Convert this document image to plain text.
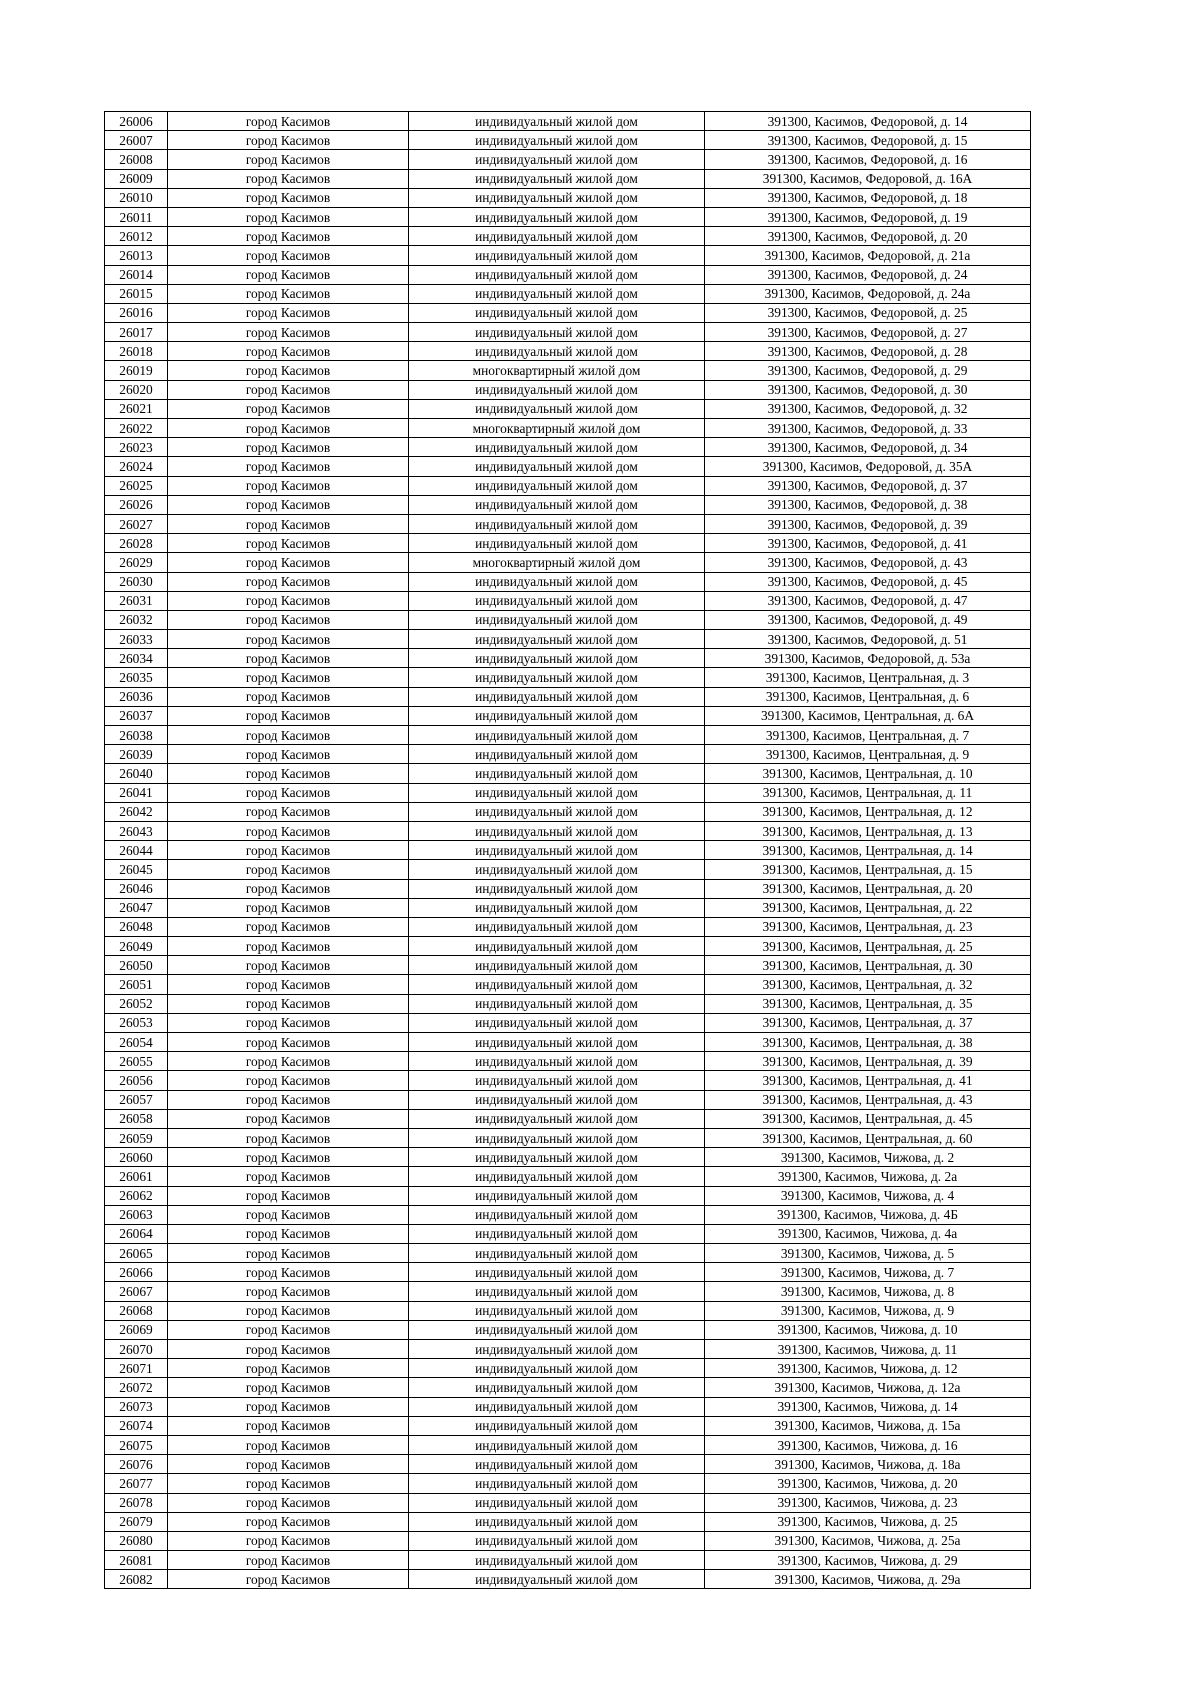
26006	город Касимов	индивидуальный жилой дом	391300, Касимов, Федоровой, д. 14
26007	город Касимов	индивидуальный жилой дом	391300, Касимов, Федоровой, д. 15
26008	город Касимов	индивидуальный жилой дом	391300, Касимов, Федоровой, д. 16
26009	город Касимов	индивидуальный жилой дом	391300, Касимов, Федоровой, д. 16А
26010	город Касимов	индивидуальный жилой дом	391300, Касимов, Федоровой, д. 18
26011	город Касимов	индивидуальный жилой дом	391300, Касимов, Федоровой, д. 19
26012	город Касимов	индивидуальный жилой дом	391300, Касимов, Федоровой, д. 20
26013	город Касимов	индивидуальный жилой дом	391300, Касимов, Федоровой, д. 21а
26014	город Касимов	индивидуальный жилой дом	391300, Касимов, Федоровой, д. 24
26015	город Касимов	индивидуальный жилой дом	391300, Касимов, Федоровой, д. 24а
26016	город Касимов	индивидуальный жилой дом	391300, Касимов, Федоровой, д. 25
26017	город Касимов	индивидуальный жилой дом	391300, Касимов, Федоровой, д. 27
26018	город Касимов	индивидуальный жилой дом	391300, Касимов, Федоровой, д. 28
26019	город Касимов	многоквартирный жилой дом	391300, Касимов, Федоровой, д. 29
26020	город Касимов	индивидуальный жилой дом	391300, Касимов, Федоровой, д. 30
26021	город Касимов	индивидуальный жилой дом	391300, Касимов, Федоровой, д. 32
26022	город Касимов	многоквартирный жилой дом	391300, Касимов, Федоровой, д. 33
26023	город Касимов	индивидуальный жилой дом	391300, Касимов, Федоровой, д. 34
26024	город Касимов	индивидуальный жилой дом	391300, Касимов, Федоровой, д. 35А
26025	город Касимов	индивидуальный жилой дом	391300, Касимов, Федоровой, д. 37
26026	город Касимов	индивидуальный жилой дом	391300, Касимов, Федоровой, д. 38
26027	город Касимов	индивидуальный жилой дом	391300, Касимов, Федоровой, д. 39
26028	город Касимов	индивидуальный жилой дом	391300, Касимов, Федоровой, д. 41
26029	город Касимов	многоквартирный жилой дом	391300, Касимов, Федоровой, д. 43
26030	город Касимов	индивидуальный жилой дом	391300, Касимов, Федоровой, д. 45
26031	город Касимов	индивидуальный жилой дом	391300, Касимов, Федоровой, д. 47
26032	город Касимов	индивидуальный жилой дом	391300, Касимов, Федоровой, д. 49
26033	город Касимов	индивидуальный жилой дом	391300, Касимов, Федоровой, д. 51
26034	город Касимов	индивидуальный жилой дом	391300, Касимов, Федоровой, д. 53а
26035	город Касимов	индивидуальный жилой дом	391300, Касимов, Центральная, д. 3
26036	город Касимов	индивидуальный жилой дом	391300, Касимов, Центральная, д. 6
26037	город Касимов	индивидуальный жилой дом	391300, Касимов, Центральная, д. 6А
26038	город Касимов	индивидуальный жилой дом	391300, Касимов, Центральная, д. 7
26039	город Касимов	индивидуальный жилой дом	391300, Касимов, Центральная, д. 9
26040	город Касимов	индивидуальный жилой дом	391300, Касимов, Центральная, д. 10
26041	город Касимов	индивидуальный жилой дом	391300, Касимов, Центральная, д. 11
26042	город Касимов	индивидуальный жилой дом	391300, Касимов, Центральная, д. 12
26043	город Касимов	индивидуальный жилой дом	391300, Касимов, Центральная, д. 13
26044	город Касимов	индивидуальный жилой дом	391300, Касимов, Центральная, д. 14
26045	город Касимов	индивидуальный жилой дом	391300, Касимов, Центральная, д. 15
26046	город Касимов	индивидуальный жилой дом	391300, Касимов, Центральная, д. 20
26047	город Касимов	индивидуальный жилой дом	391300, Касимов, Центральная, д. 22
26048	город Касимов	индивидуальный жилой дом	391300, Касимов, Центральная, д. 23
26049	город Касимов	индивидуальный жилой дом	391300, Касимов, Центральная, д. 25
26050	город Касимов	индивидуальный жилой дом	391300, Касимов, Центральная, д. 30
26051	город Касимов	индивидуальный жилой дом	391300, Касимов, Центральная, д. 32
26052	город Касимов	индивидуальный жилой дом	391300, Касимов, Центральная, д. 35
26053	город Касимов	индивидуальный жилой дом	391300, Касимов, Центральная, д. 37
26054	город Касимов	индивидуальный жилой дом	391300, Касимов, Центральная, д. 38
26055	город Касимов	индивидуальный жилой дом	391300, Касимов, Центральная, д. 39
26056	город Касимов	индивидуальный жилой дом	391300, Касимов, Центральная, д. 41
26057	город Касимов	индивидуальный жилой дом	391300, Касимов, Центральная, д. 43
26058	город Касимов	индивидуальный жилой дом	391300, Касимов, Центральная, д. 45
26059	город Касимов	индивидуальный жилой дом	391300, Касимов, Центральная, д. 60
26060	город Касимов	индивидуальный жилой дом	391300, Касимов, Чижова, д. 2
26061	город Касимов	индивидуальный жилой дом	391300, Касимов, Чижова, д. 2а
26062	город Касимов	индивидуальный жилой дом	391300, Касимов, Чижова, д. 4
26063	город Касимов	индивидуальный жилой дом	391300, Касимов, Чижова, д. 4Б
26064	город Касимов	индивидуальный жилой дом	391300, Касимов, Чижова, д. 4а
26065	город Касимов	индивидуальный жилой дом	391300, Касимов, Чижова, д. 5
26066	город Касимов	индивидуальный жилой дом	391300, Касимов, Чижова, д. 7
26067	город Касимов	индивидуальный жилой дом	391300, Касимов, Чижова, д. 8
26068	город Касимов	индивидуальный жилой дом	391300, Касимов, Чижова, д. 9
26069	город Касимов	индивидуальный жилой дом	391300, Касимов, Чижова, д. 10
26070	город Касимов	индивидуальный жилой дом	391300, Касимов, Чижова, д. 11
26071	город Касимов	индивидуальный жилой дом	391300, Касимов, Чижова, д. 12
26072	город Касимов	индивидуальный жилой дом	391300, Касимов, Чижова, д. 12а
26073	город Касимов	индивидуальный жилой дом	391300, Касимов, Чижова, д. 14
26074	город Касимов	индивидуальный жилой дом	391300, Касимов, Чижова, д. 15а
26075	город Касимов	индивидуальный жилой дом	391300, Касимов, Чижова, д. 16
26076	город Касимов	индивидуальный жилой дом	391300, Касимов, Чижова, д. 18а
26077	город Касимов	индивидуальный жилой дом	391300, Касимов, Чижова, д. 20
26078	город Касимов	индивидуальный жилой дом	391300, Касимов, Чижова, д. 23
26079	город Касимов	индивидуальный жилой дом	391300, Касимов, Чижова, д. 25
26080	город Касимов	индивидуальный жилой дом	391300, Касимов, Чижова, д. 25а
26081	город Касимов	индивидуальный жилой дом	391300, Касимов, Чижова, д. 29
26082	город Касимов	индивидуальный жилой дом	391300, Касимов, Чижова, д. 29а
